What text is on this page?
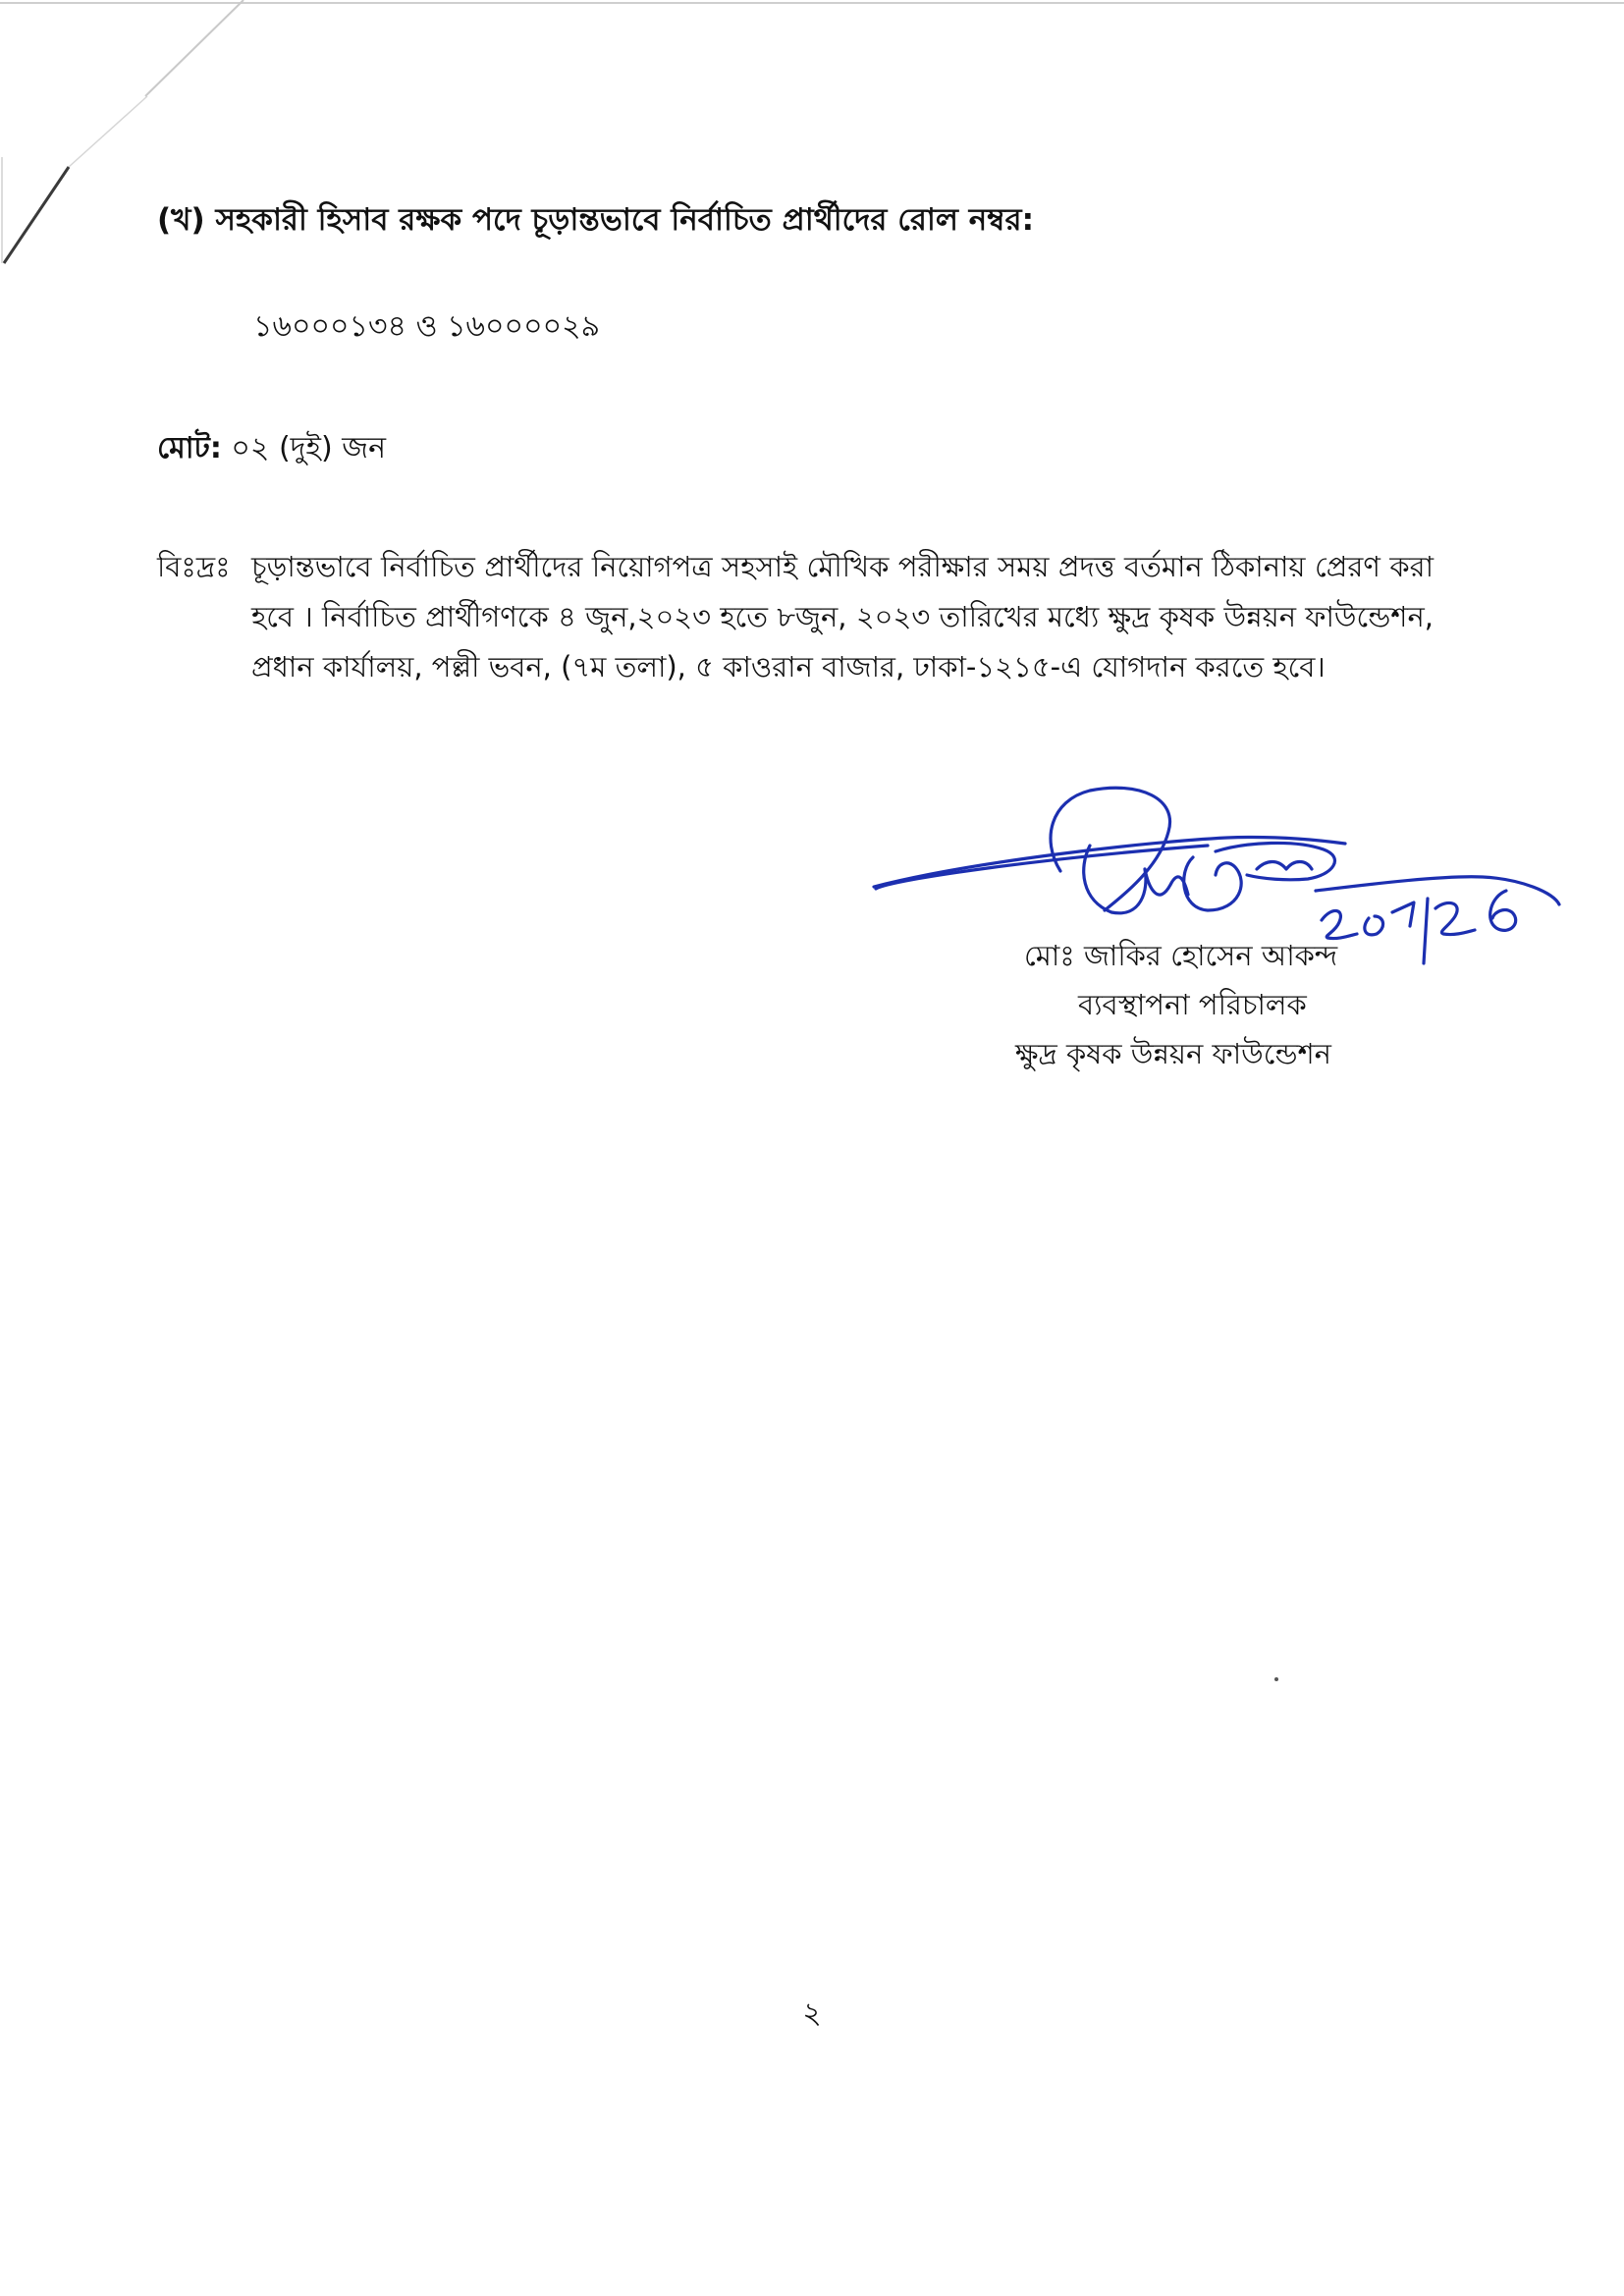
(খ) সহকারী হিসাব রক্ষক পদে চূড়ান্তভাবে নির্বাচিত প্রার্থীদের রোল নম্বর:
১৬০০০১৩৪ ও ১৬০০০০২৯
মোট: ০২ (দুই) জন
বিঃদ্রঃ চূড়ান্তভাবে নির্বাচিত প্রার্থীদের নিয়োগপত্র সহসাই মৌখিক পরীক্ষার সময় প্রদত্ত বর্তমান ঠিকানায় প্রেরণ করা হবে । নির্বাচিত প্রার্থীগণকে ৪ জুন,২০২৩ হতে ৮জুন, ২০২৩ তারিখের মধ্যে ক্ষুদ্র কৃষক উন্নয়ন ফাউন্ডেশন, প্রধান কার্যালয়, পল্লী ভবন, (৭ম তলা), ৫ কাওরান বাজার, ঢাকা-১২১৫-এ যোগদান করতে হবে।
মোঃ জাকির হোসেন আকন্দ
ব্যবস্থাপনা পরিচালক
ক্ষুদ্র কৃষক উন্নয়ন ফাউন্ডেশন
২
